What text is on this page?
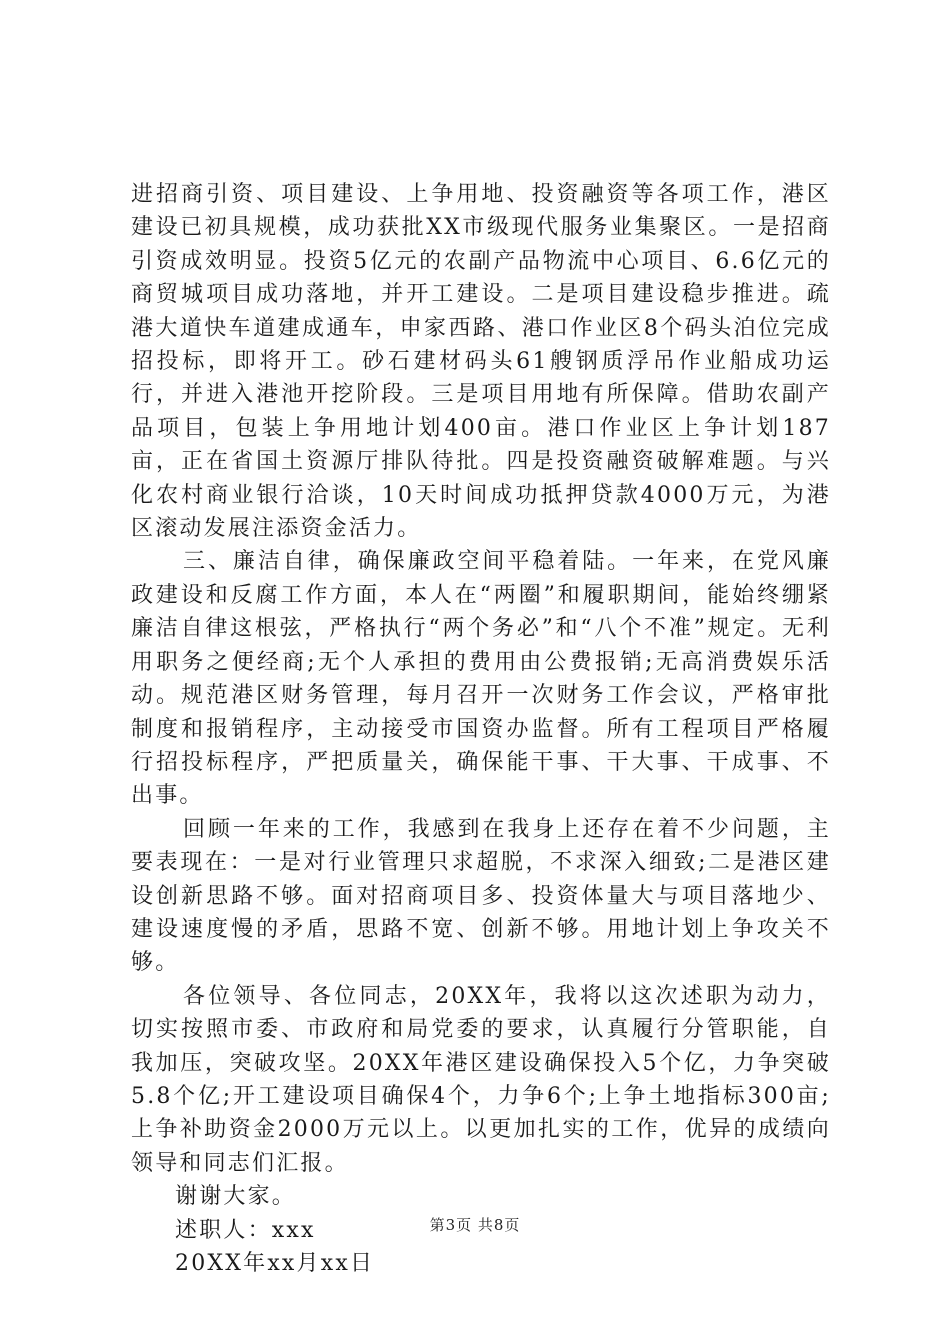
进招商引资、项目建设、上争用地、投资融资等各项工作，港区建设已初具规模，成功获批XX市级现代服务业集聚区。一是招商引资成效明显。投资5亿元的农副产品物流中心项目、6.6亿元的商贸城项目成功落地，并开工建设。二是项目建设稳步推进。疏港大道快车道建成通车，申家西路、港口作业区8个码头泊位完成招投标，即将开工。砂石建材码头61艘钢质浮吊作业船成功运行，并进入港池开挖阶段。三是项目用地有所保障。借助农副产品项目，包装上争用地计划400亩。港口作业区上争计划187亩，正在省国土资源厅排队待批。四是投资融资破解难题。与兴化农村商业银行洽谈，10天时间成功抵押贷款4000万元，为港区滚动发展注添资金活力。

三、廉洁自律，确保廉政空间平稳着陆。一年来，在党风廉政建设和反腐工作方面，本人在“两圈”和履职期间，能始终绷紧廉洁自律这根弦，严格执行“两个务必”和“八个不准”规定。无利用职务之便经商;无个人承担的费用由公费报销;无高消费娱乐活动。规范港区财务管理，每月召开一次财务工作会议，严格审批制度和报销程序，主动接受市国资办监督。所有工程项目严格履行招投标程序，严把质量关，确保能干事、干大事、干成事、不出事。

回顾一年来的工作，我感到在我身上还存在着不少问题，主要表现在：一是对行业管理只求超脱，不求深入细致;二是港区建设创新思路不够。面对招商项目多、投资体量大与项目落地少、建设速度慢的矛盾，思路不宽、创新不够。用地计划上争攻关不够。

各位领导、各位同志，20XX年，我将以这次述职为动力，切实按照市委、市政府和局党委的要求，认真履行分管职能，自我加压，突破攻坚。20XX年港区建设确保投入5个亿，力争突破5.8个亿;开工建设项目确保4个，力争6个;上争土地指标300亩;上争补助资金2000万元以上。以更加扎实的工作，优异的成绩向领导和同志们汇报。

谢谢大家。

述职人：xxx

20XX年xx月xx日

第3页 共8页
